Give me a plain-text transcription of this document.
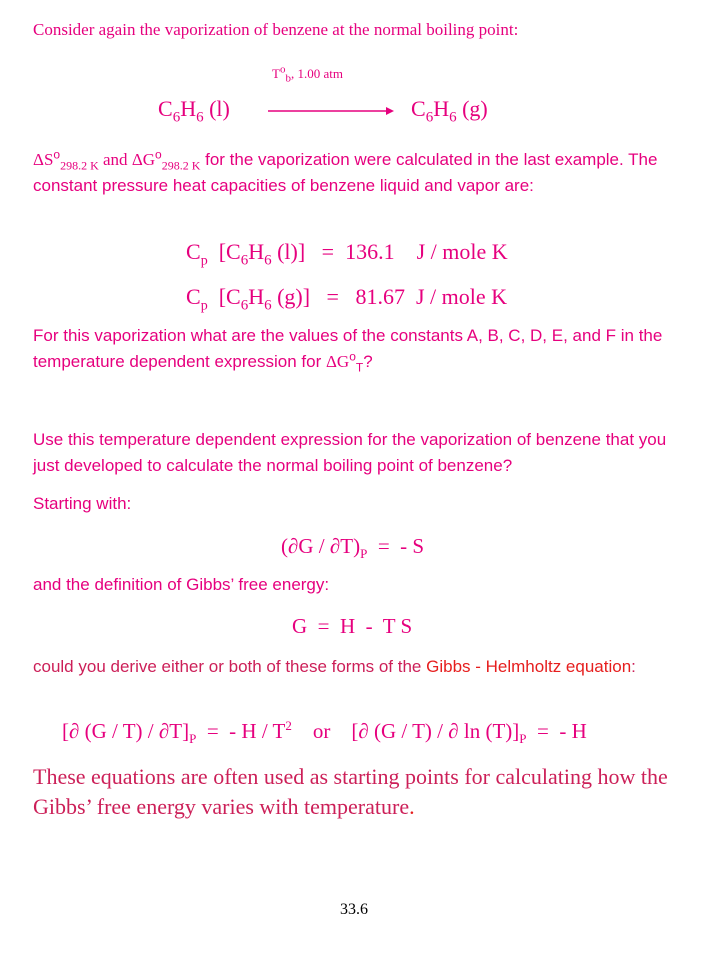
Consider again the vaporization of benzene at the normal boiling point:
$T^o_b$, 1.00 atm
$C_6H_6$ (l)	$C_6H_6$ (g)
$\Delta S^o_{298.2 K}$ and $\Delta G^o_{298.2 K}$ for the vaporization were calculated in the last example. The constant pressure heat capacities of benzene liquid and vapor are:
$C_p$  [$C_6H_6$ (l)]   =  136.1    J / mole K
$C_p$  [$C_6H_6$ (g)]   =   81.67  J / mole K
For this vaporization what are the values of the constants A, B, C, D, E, and F in the temperature dependent expression for $\Delta G^o_T$?
Use this temperature dependent expression for the vaporization of benzene that you just developed to calculate the normal boiling point of benzene?
Starting with:
$(\partial G / \partial T)_P$  =  - S
and the definition of Gibbs’ free energy:
G  =  H  -  T S
could you derive either or both of these forms of the Gibbs - Helmholtz equation:
[∂ $(G / T) / \partial T]_P$  =  - H / $T^2$    or    [∂ (G / T) / ∂ $\ln (T)]_P$  =  - H
These equations are often used as starting points for calculating how the Gibbs’ free energy varies with temperature.
33.6
